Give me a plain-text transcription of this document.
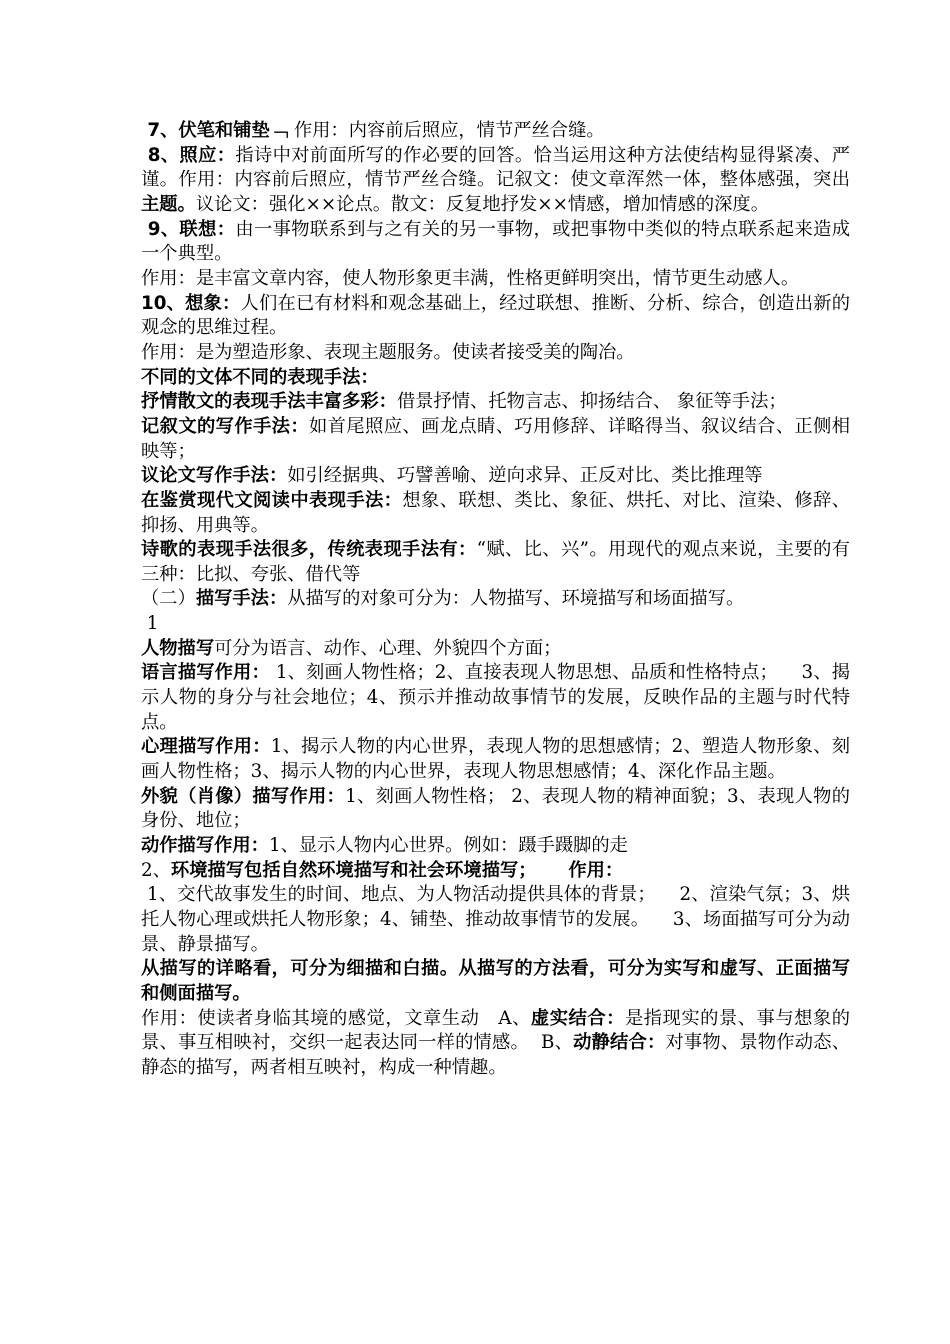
7、伏笔和铺垫﹁ 作用：内容前后照应，情节严丝合缝。

8、照应：指诗中对前面所写的作必要的回答。恰当运用这种方法使结构显得紧凑、严谨。作用：内容前后照应，情节严丝合缝。记叙文：使文章浑然一体，整体感强，突出主题。议论文：强化××论点。散文：反复地抒发××情感，增加情感的深度。

9、联想：由一事物联系到与之有关的另一事物，或把事物中类似的特点联系起来造成一个典型。

作用：是丰富文章内容，使人物形象更丰满，性格更鲜明突出，情节更生动感人。

10、想象：人们在已有材料和观念基础上，经过联想、推断、分析、综合，创造出新的观念的思维过程。

作用：是为塑造形象、表现主题服务。使读者接受美的陶冶。

不同的文体不同的表现手法：

抒情散文的表现手法丰富多彩：借景抒情、托物言志、抑扬结合、 象征等手法；

记叙文的写作手法：如首尾照应、画龙点睛、巧用修辞、详略得当、叙议结合、正侧相映等；

议论文写作手法：如引经据典、巧譬善喻、逆向求异、正反对比、类比推理等

在鉴赏现代文阅读中表现手法：想象、联想、类比、象征、烘托、对比、渲染、修辞、抑扬、用典等。

诗歌的表现手法很多，传统表现手法有：“赋、比、兴”。用现代的观点来说，主要的有三种：比拟、夸张、借代等

（二）描写手法：从描写的对象可分为：人物描写、环境描写和场面描写。

1

人物描写可分为语言、动作、心理、外貌四个方面；

语言描写作用： 1、刻画人物性格；2、直接表现人物思想、品质和性格特点；    3、揭示人物的身分与社会地位；4、预示并推动故事情节的发展，反映作品的主题与时代特点。

心理描写作用：1、揭示人物的内心世界，表现人物的思想感情；2、塑造人物形象、刻画人物性格；3、揭示人物的内心世界，表现人物思想感情；4、深化作品主题。

外貌（肖像）描写作用：1、刻画人物性格； 2、表现人物的精神面貌；3、表现人物的身份、地位；

动作描写作用：1、显示人物内心世界。例如：蹑手蹑脚的走

2、环境描写包括自然环境描写和社会环境描写；     作用：

1、交代故事发生的时间、地点、为人物活动提供具体的背景；    2、渲染气氛；3、烘托人物心理或烘托人物形象；4、铺垫、推动故事情节的发展。    3、场面描写可分为动景、静景描写。

从描写的详略看，可分为细描和白描。从描写的方法看，可分为实写和虚写、正面描写和侧面描写。

作用：使读者身临其境的感觉，文章生动   A、虚实结合：是指现实的景、事与想象的景、事互相映衬，交织一起表达同一样的情感。  B、动静结合：对事物、景物作动态、静态的描写，两者相互映衬，构成一种情趣。
